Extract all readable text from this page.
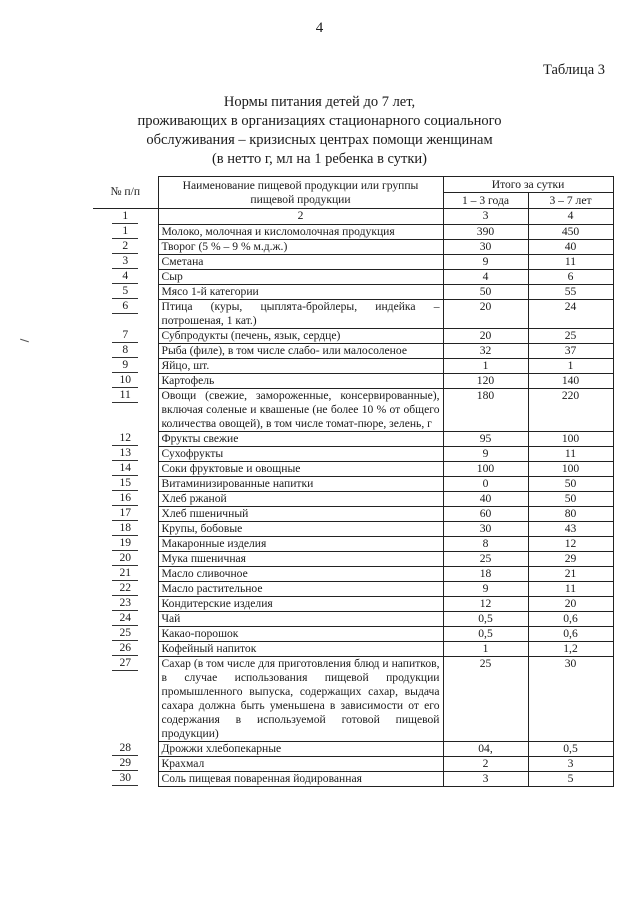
4
Таблица 3
Нормы питания детей до 7 лет,
проживающих в организациях стационарного социального
обслуживания – кризисных центрах помощи женщинам
(в нетто г, мл на 1 ребенка в сутки)
№ п/п	Наименование пищевой продукции или группы пищевой продукции	Итого за сутки	
		1 – 3 года	3 – 7 лет
1	2	3	4
1	Молоко, молочная и кисломолочная продукция	390	450
2	Творог (5 % – 9 % м.д.ж.)	30	40
3	Сметана	9	11
4	Сыр	4	6
5	Мясо 1-й категории	50	55
6	Птица (куры, цыплята-бройлеры, индейка – потрошеная, 1 кат.)	20	24
7	Субпродукты (печень, язык, сердце)	20	25
8	Рыба (филе), в том числе слабо- или малосоленое	32	37
9	Яйцо, шт.	1	1
10	Картофель	120	140
11	Овощи (свежие, замороженные, консервированные), включая соленые и квашеные (не более 10 % от общего количества овощей), в том числе томат-пюре, зелень, г	180	220
12	Фрукты свежие	95	100
13	Сухофрукты	9	11
14	Соки фруктовые и овощные	100	100
15	Витаминизированные напитки	0	50
16	Хлеб ржаной	40	50
17	Хлеб пшеничный	60	80
18	Крупы, бобовые	30	43
19	Макаронные изделия	8	12
20	Мука пшеничная	25	29
21	Масло сливочное	18	21
22	Масло растительное	9	11
23	Кондитерские изделия	12	20
24	Чай	0,5	0,6
25	Какао-порошок	0,5	0,6
26	Кофейный напиток	1	1,2
27	Сахар (в том числе для приготовления блюд и напитков, в случае использования пищевой продукции промышленного выпуска, содержащих сахар, выдача сахара должна быть уменьшена в зависимости от его содержания в используемой готовой пищевой продукции)	25	30
28	Дрожжи хлебопекарные	04,	0,5
29	Крахмал	2	3
30	Соль пищевая поваренная йодированная	3	5
